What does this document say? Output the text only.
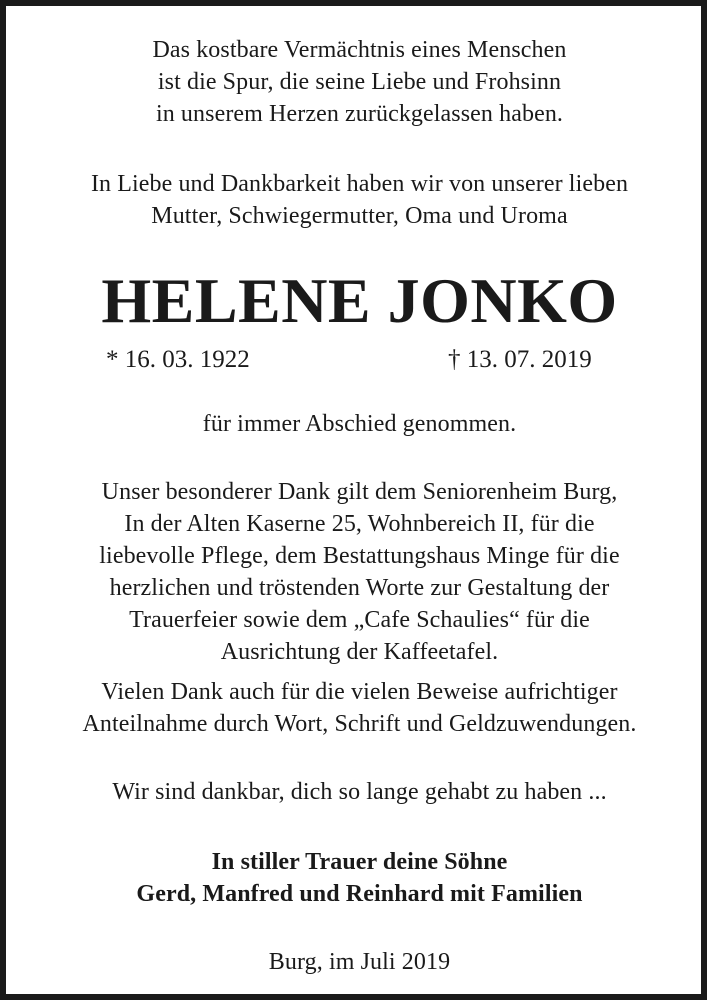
Das kostbare Vermächtnis eines Menschen
ist die Spur, die seine Liebe und Frohsinn
in unserem Herzen zurückgelassen haben.
In Liebe und Dankbarkeit haben wir von unserer lieben
Mutter, Schwiegermutter, Oma und Uroma
HELENE JONKO
* 16. 03. 1922	† 13. 07. 2019
für immer Abschied genommen.
Unser besonderer Dank gilt dem Seniorenheim Burg,
In der Alten Kaserne 25, Wohnbereich II, für die
liebevolle Pflege, dem Bestattungshaus Minge für die
herzlichen und tröstenden Worte zur Gestaltung der
Trauerfeier sowie dem „Cafe Schaulies“ für die
Ausrichtung der Kaffeetafel.
Vielen Dank auch für die vielen Beweise aufrichtiger
Anteilnahme durch Wort, Schrift und Geldzuwendungen.
Wir sind dankbar, dich so lange gehabt zu haben ...
In stiller Trauer deine Söhne
Gerd, Manfred und Reinhard mit Familien
Burg, im Juli 2019
